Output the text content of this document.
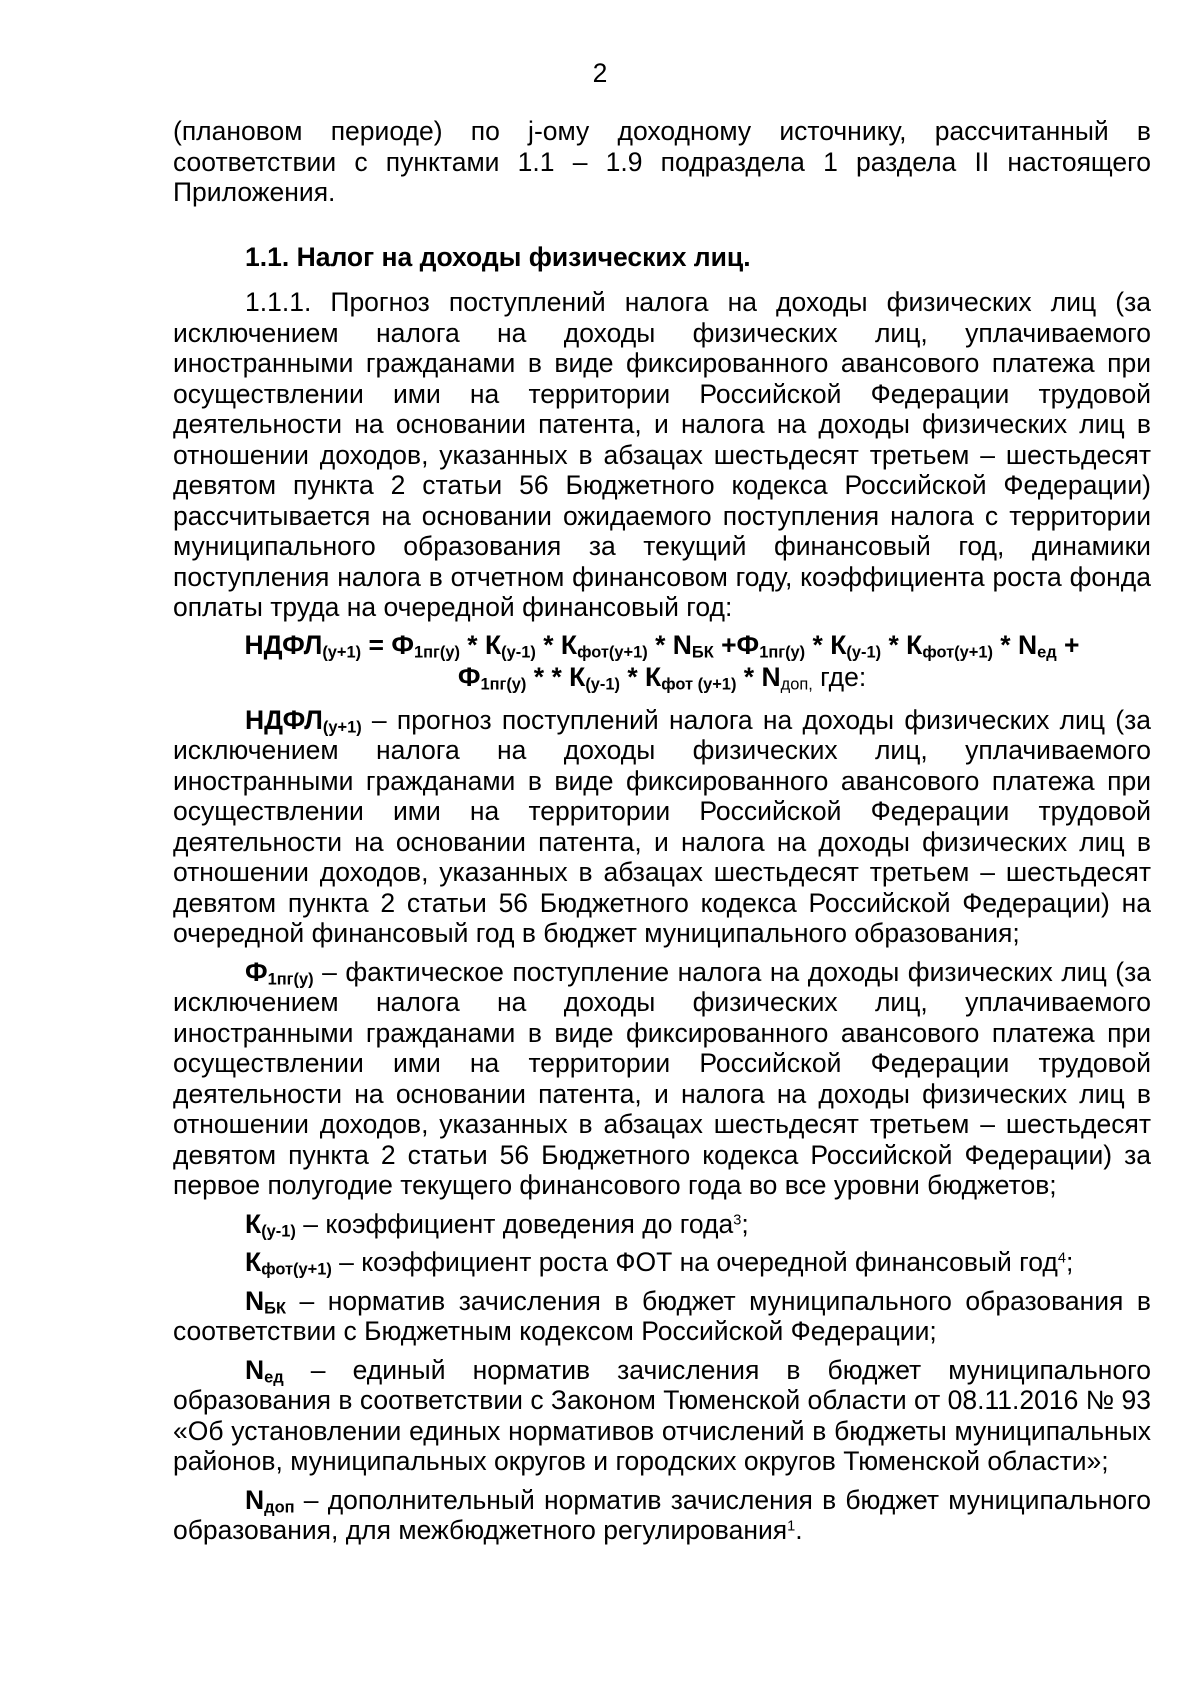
2

(плановом периоде) по j-ому доходному источнику, рассчитанный в соответствии с пунктами 1.1 – 1.9 подраздела 1 раздела II настоящего Приложения.

1.1. Налог на доходы физических лиц.

1.1.1. Прогноз поступлений налога на доходы физических лиц (за исключением налога на доходы физических лиц, уплачиваемого иностранными гражданами в виде фиксированного авансового платежа при осуществлении ими на территории Российской Федерации трудовой деятельности на основании патента, и налога на доходы физических лиц в отношении доходов, указанных в абзацах шестьдесят третьем – шестьдесят девятом пункта 2 статьи 56 Бюджетного кодекса Российской Федерации) рассчитывается на основании ожидаемого поступления налога с территории муниципального образования за текущий финансовый год, динамики поступления налога в отчетном финансовом году, коэффициента роста фонда оплаты труда на очередной финансовый год:

$НДФЛ_{(у+1)} = Ф_{1пг(у)} * К_{(у-1)} * К_{фот(у+1)} * N_{БК} +Ф_{1пг(у)} * К_{(у-1)} * К_{фот(у+1)} * N_{ед}$ +
$Ф_{1пг(у)}$ * * $К_{(у-1)} * К_{фот (у+1)} * N_{доп,}$ где:

$НДФЛ_{(у+1)}$ – прогноз поступлений налога на доходы физических лиц (за исключением налога на доходы физических лиц, уплачиваемого иностранными гражданами в виде фиксированного авансового платежа при осуществлении ими на территории Российской Федерации трудовой деятельности на основании патента, и налога на доходы физических лиц в отношении доходов, указанных в абзацах шестьдесят третьем – шестьдесят девятом пункта 2 статьи 56 Бюджетного кодекса Российской Федерации) на очередной финансовый год в бюджет муниципального образования;

$Ф_{1пг(у)}$ – фактическое поступление налога на доходы физических лиц (за исключением налога на доходы физических лиц, уплачиваемого иностранными гражданами в виде фиксированного авансового платежа при осуществлении ими на территории Российской Федерации трудовой деятельности на основании патента, и налога на доходы физических лиц в отношении доходов, указанных в абзацах шестьдесят третьем – шестьдесят девятом пункта 2 статьи 56 Бюджетного кодекса Российской Федерации) за первое полугодие текущего финансового года во все уровни бюджетов;

$К_{(у-1)}$ – коэффициент доведения до года$^3$;

$К_{фот(у+1)}$ – коэффициент роста ФОТ на очередной финансовый год$^4$;

$N_{БК}$ – норматив зачисления в бюджет муниципального образования в соответствии с Бюджетным кодексом Российской Федерации;

$N_{ед}$ – единый норматив зачисления в бюджет муниципального образования в соответствии с Законом Тюменской области от 08.11.2016 № 93 «Об установлении единых нормативов отчислений в бюджеты муниципальных районов, муниципальных округов и городских округов Тюменской области»;

$N_{доп}$ – дополнительный норматив зачисления в бюджет муниципального образования, для межбюджетного регулирования$^1$.
